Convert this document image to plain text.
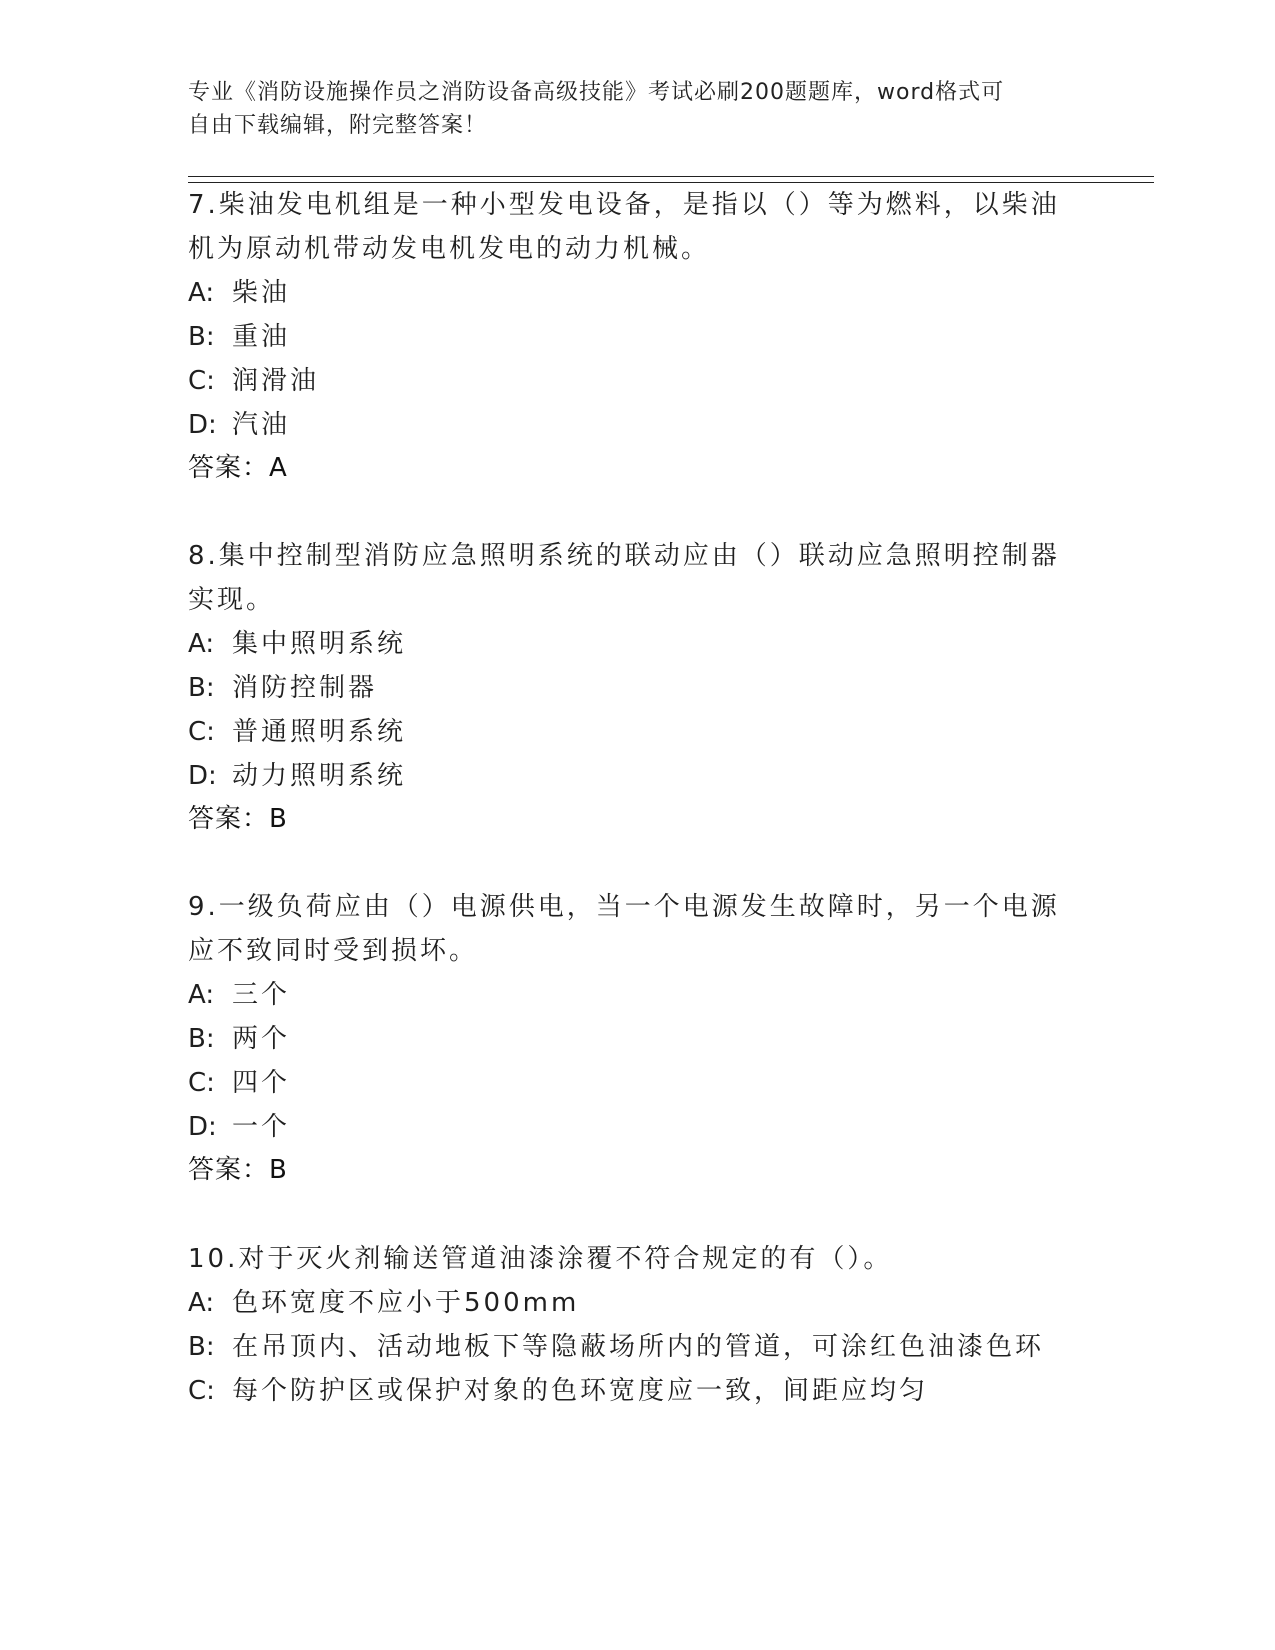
专业《消防设施操作员之消防设备高级技能》考试必刷200题题库，word格式可
自由下载编辑，附完整答案！
7.柴油发电机组是一种小型发电设备，是指以（）等为燃料，以柴油
机为原动机带动发电机发电的动力机械。
A: 柴油
B: 重油
C: 润滑油
D: 汽油
答案：A
8.集中控制型消防应急照明系统的联动应由（）联动应急照明控制器
实现。
A: 集中照明系统
B: 消防控制器
C: 普通照明系统
D: 动力照明系统
答案：B
9.一级负荷应由（）电源供电，当一个电源发生故障时，另一个电源
应不致同时受到损坏。
A: 三个
B: 两个
C: 四个
D: 一个
答案：B
10.对于灭火剂输送管道油漆涂覆不符合规定的有（）。
A: 色环宽度不应小于500mm
B: 在吊顶内、活动地板下等隐蔽场所内的管道，可涂红色油漆色环
C: 每个防护区或保护对象的色环宽度应一致，间距应均匀
